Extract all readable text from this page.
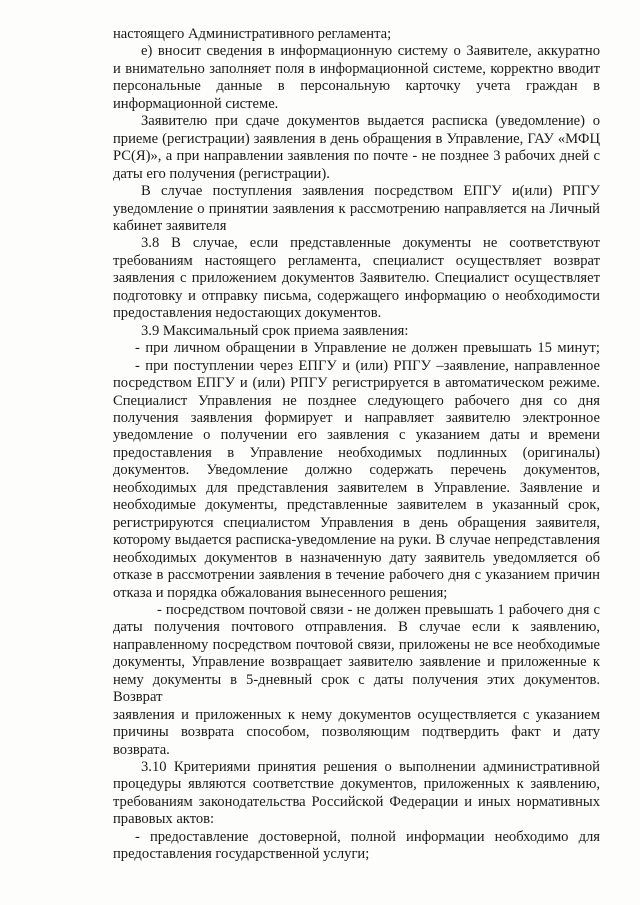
настоящего Административного регламента;
е) вносит сведения в информационную систему о Заявителе, аккуратно
и внимательно заполняет поля в информационной системе, корректно вводит
персональные данные в персональную карточку учета граждан в
информационной системе.
Заявителю при сдаче документов выдается расписка (уведомление) о
приеме (регистрации) заявления в день обращения в Управление, ГАУ «МФЦ
РС(Я)», а при направлении заявления по почте - не позднее 3 рабочих дней с
даты его получения (регистрации).
В случае поступления заявления посредством ЕПГУ и(или) РПГУ
уведомление о принятии заявления к рассмотрению направляется на Личный
кабинет заявителя
3.8 В случае, если представленные документы не соответствуют
требованиям настоящего регламента, специалист осуществляет возврат
заявления с приложением документов Заявителю. Специалист осуществляет
подготовку и отправку письма, содержащего информацию о необходимости
предоставления недостающих документов.
3.9 Максимальный срок приема заявления:
- при личном обращении в Управление не должен превышать 15 минут;
- при поступлении через ЕПГУ и (или) РПГУ –заявление, направленное
посредством ЕПГУ и (или) РПГУ регистрируется в автоматическом режиме.
Специалист Управления не позднее следующего рабочего дня со дня
получения заявления формирует и направляет заявителю электронное
уведомление о получении его заявления с указанием даты и времени
предоставления в Управление необходимых подлинных (оригиналы)
документов. Уведомление должно содержать перечень документов,
необходимых для представления заявителем в Управление. Заявление и
необходимые документы, представленные заявителем в указанный срок,
регистрируются специалистом Управления в день обращения заявителя,
которому выдается расписка-уведомление на руки. В случае непредставления
необходимых документов в назначенную дату заявитель уведомляется об
отказе в рассмотрении заявления в течение рабочего дня с указанием причин
отказа и порядка обжалования вынесенного решения;
- посредством почтовой связи - не должен превышать 1 рабочего дня с
даты получения почтового отправления. В случае если к заявлению,
направленному посредством почтовой связи, приложены не все необходимые
документы, Управление возвращает заявителю заявление и приложенные к
нему документы в 5-дневный срок с даты получения этих документов. Возврат
заявления и приложенных к нему документов осуществляется с указанием
причины возврата способом, позволяющим подтвердить факт и дату возврата.
3.10 Критериями принятия решения о выполнении административной
процедуры являются соответствие документов, приложенных к заявлению,
требованиям законодательства Российской Федерации и иных нормативных
правовых актов:
- предоставление достоверной, полной информации необходимо для
предоставления государственной услуги;
